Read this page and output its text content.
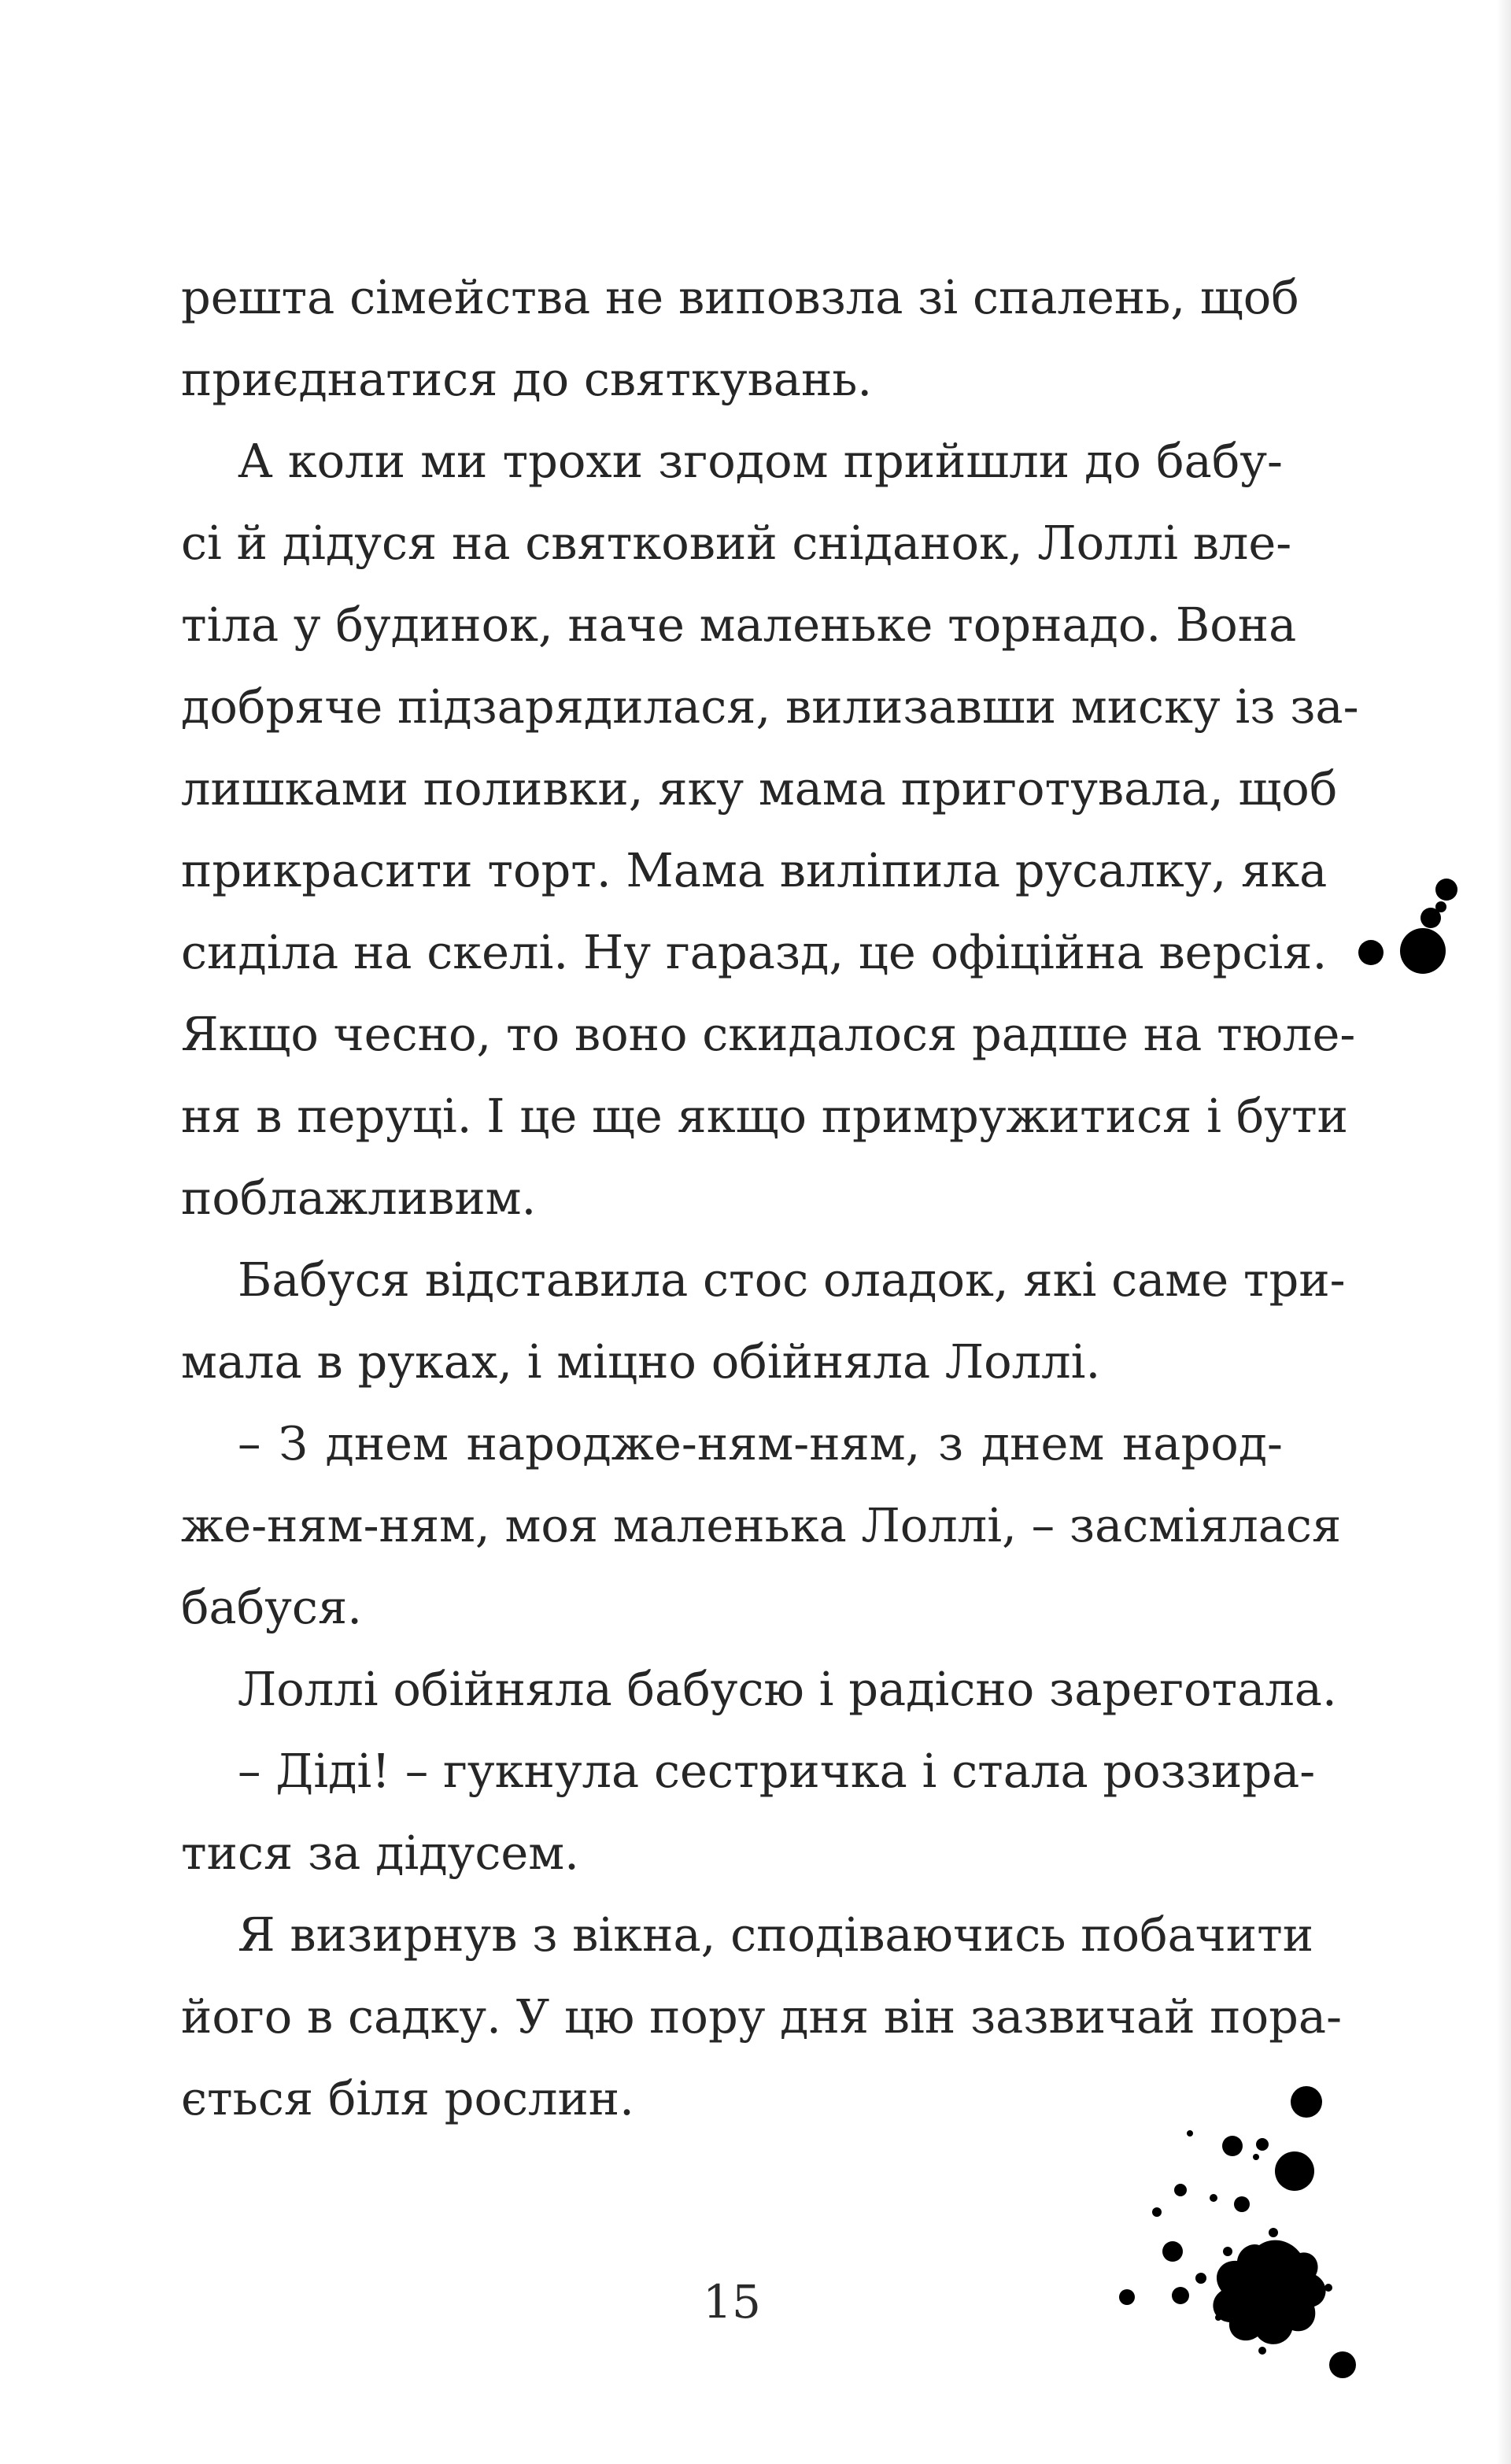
решта сімейства не виповзла зі спалень, щоб
приєднатися до святкувань.
А коли ми трохи згодом прийшли до бабу-
сі й дідуся на святковий сніданок, Лоллі вле-
тіла у будинок, наче маленьке торнадо. Вона
добряче підзарядилася, вилизавши миску із за-
лишками поливки, яку мама приготувала, щоб
прикрасити торт. Мама виліпила русалку, яка
сиділа на скелі. Ну гаразд, це офіційна версія.
Якщо чесно, то воно скидалося радше на тюле-
ня в перуці. І це ще якщо примружитися і бути
поблажливим.
Бабуся відставила стос оладок, які саме три-
мала в руках, і міцно обійняла Лоллі.
– З днем народже-ням-ням, з днем народ-
же-ням-ням, моя маленька Лоллі, – засміялася
бабуся.
Лоллі обійняла бабусю і радісно зареготала.
– Діді! – гукнула сестричка і стала роззира-
тися за дідусем.
Я визирнув з вікна, сподіваючись побачити
його в садку. У цю пору дня він зазвичай пора-
ється біля рослин.
15
